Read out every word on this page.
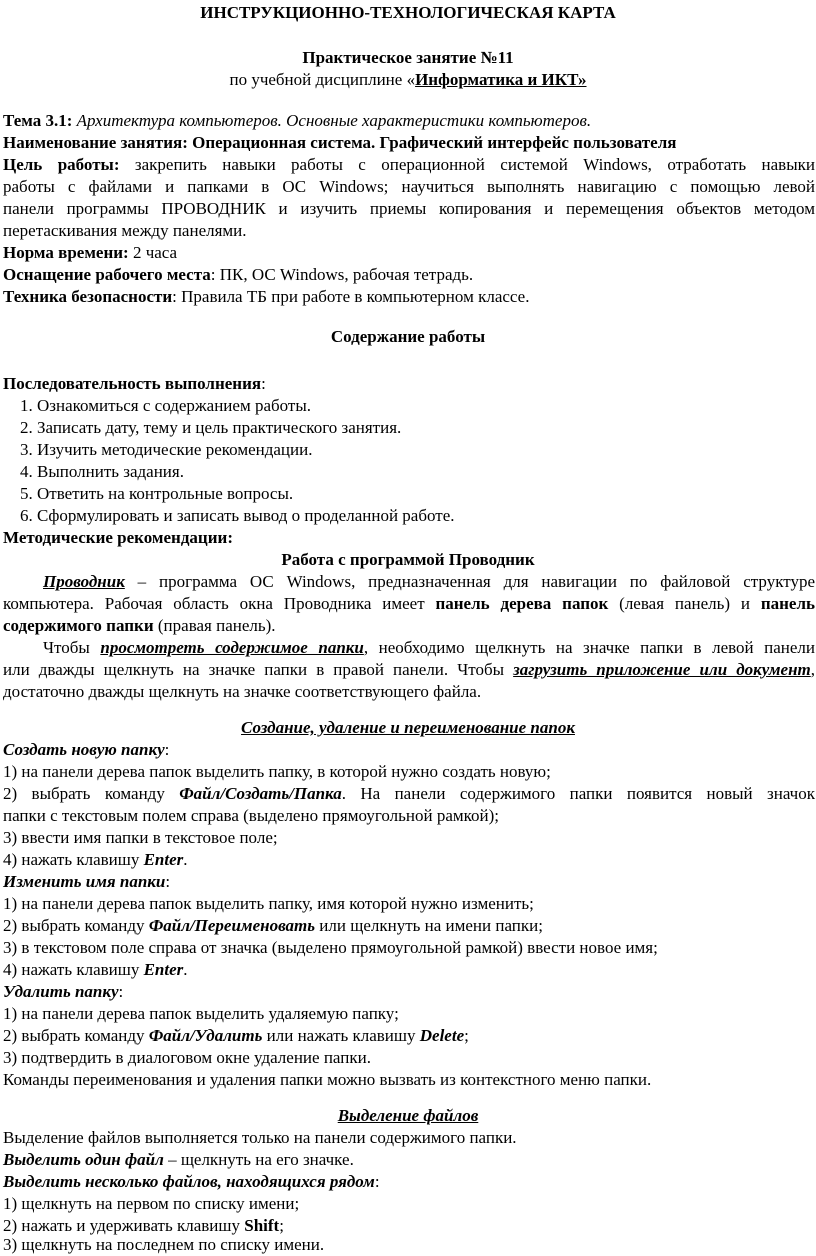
ИНСТРУКЦИОННО-ТЕХНОЛОГИЧЕСКАЯ КАРТА
Практическое занятие №11
по учебной дисциплине «Информатика и ИКТ»
Тема 3.1: Архитектура компьютеров. Основные характеристики компьютеров.
Наименование занятия: Операционная система. Графический интерфейс пользователя
Цель работы: закрепить навыки работы с операционной системой Windows, отработать навыки
работы с файлами и папками в ОС Windows; научиться выполнять навигацию с помощью левой
панели программы ПРОВОДНИК и изучить приемы копирования и перемещения объектов методом
перетаскивания между панелями.
Норма времени: 2 часа
Оснащение рабочего места: ПК, ОС Windows, рабочая тетрадь.
Техника безопасности: Правила ТБ при работе в компьютерном классе.
Содержание работы
Последовательность выполнения:
1. Ознакомиться с содержанием работы.
2. Записать дату, тему и цель практического занятия.
3. Изучить методические рекомендации.
4. Выполнить задания.
5. Ответить на контрольные вопросы.
6. Сформулировать и записать вывод о проделанной работе.
Методические рекомендации:
Работа с программой Проводник
Проводник – программа ОС Windows, предназначенная для навигации по файловой структуре
компьютера. Рабочая область окна Проводника имеет панель дерева папок (левая панель) и панель
содержимого папки (правая панель).
Чтобы просмотреть содержимое папки, необходимо щелкнуть на значке папки в левой панели
или дважды щелкнуть на значке папки в правой панели. Чтобы загрузить приложение или документ,
достаточно дважды щелкнуть на значке соответствующего файла.
Создание, удаление и переименование папок
Создать новую папку:
1) на панели дерева папок выделить папку, в которой нужно создать новую;
2) выбрать команду Файл/Создать/Папка. На панели содержимого папки появится новый значок
папки с текстовым полем справа (выделено прямоугольной рамкой);
3) ввести имя папки в текстовое поле;
4) нажать клавишу Enter.
Изменить имя папки:
1) на панели дерева папок выделить папку, имя которой нужно изменить;
2) выбрать команду Файл/Переименовать или щелкнуть на имени папки;
3) в текстовом поле справа от значка (выделено прямоугольной рамкой) ввести новое имя;
4) нажать клавишу Enter.
Удалить папку:
1) на панели дерева папок выделить удаляемую папку;
2) выбрать команду Файл/Удалить или нажать клавишу Delete;
3) подтвердить в диалоговом окне удаление папки.
Команды переименования и удаления папки можно вызвать из контекстного меню папки.
Выделение файлов
Выделение файлов выполняется только на панели содержимого папки.
Выделить один файл – щелкнуть на его значке.
Выделить несколько файлов, находящихся рядом:
1) щелкнуть на первом по списку имени;
2) нажать и удерживать клавишу Shift;
3) щелкнуть на последнем по списку имени.
